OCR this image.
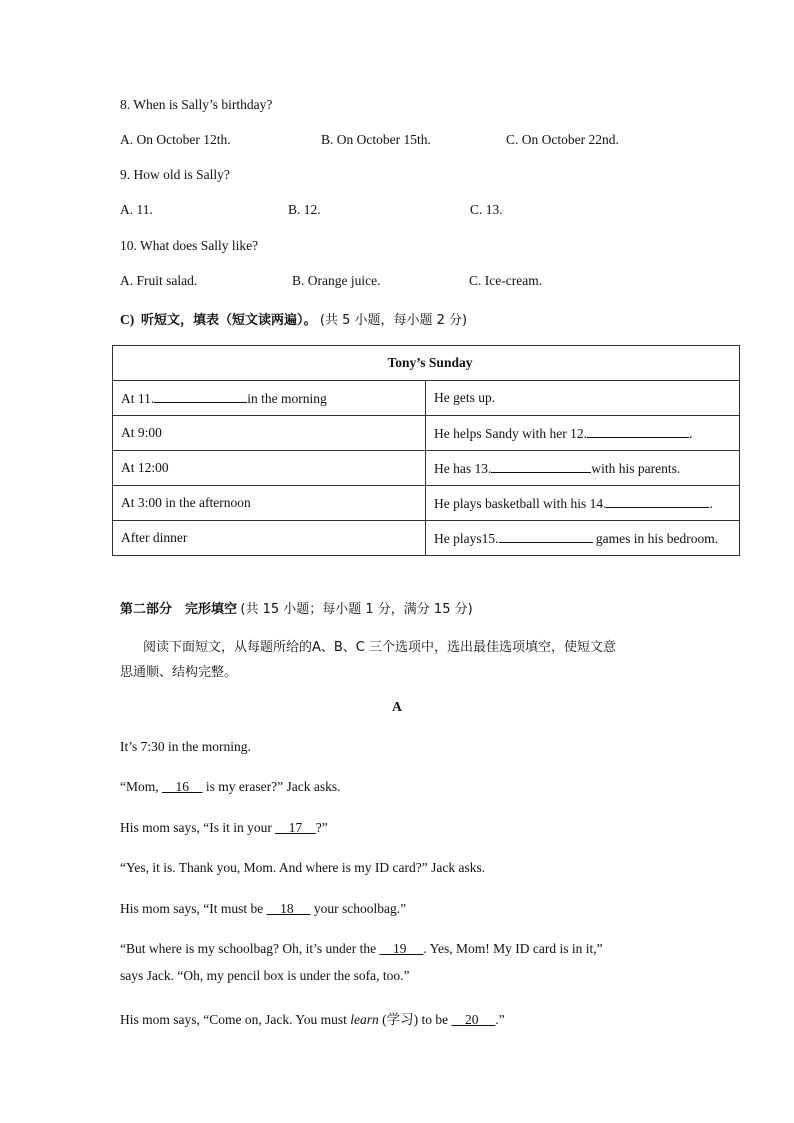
8. When is Sally’s birthday?
A. On October 12th.	B. On October 15th.	C. On October 22nd.
9. How old is Sally?
A. 11.	B. 12.	C. 13.
10. What does Sally like?
A. Fruit salad.	B. Orange juice.	C. Ice-cream.
C) 听短文，填表（短文读两遍）。 (共 5 小题，每小题 2 分)
Tony’s Sunday	
At 11. in the morning	He gets up.
At 9:00	He helps Sandy with her 12. .
At 12:00	He has 13. with his parents.
At 3:00 in the afternoon	He plays basketball with his 14. .
After dinner	He plays15. games in his bedroom.
第二部分　完形填空 (共 15 小题；每小题 1 分，满分 15 分)
阅读下面短文，从每题所给的A、B、C 三个选项中，选出最佳选项填空，使短文意
思通顺、结构完整。
A
It’s 7:30 in the morning.
“Mom,     16     is my eraser?” Jack asks.
His mom says, “Is it in your     17    ?”
“Yes, it is. Thank you, Mom. And where is my ID card?” Jack asks.
His mom says, “It must be     18      your schoolbag.”
“But where is my schoolbag? Oh, it’s under the     19     . Yes, Mom! My ID card is in it,”
says Jack. “Oh, my pencil box is under the sofa, too.”
His mom says, “Come on, Jack. You must learn (学习) to be     20     .”
